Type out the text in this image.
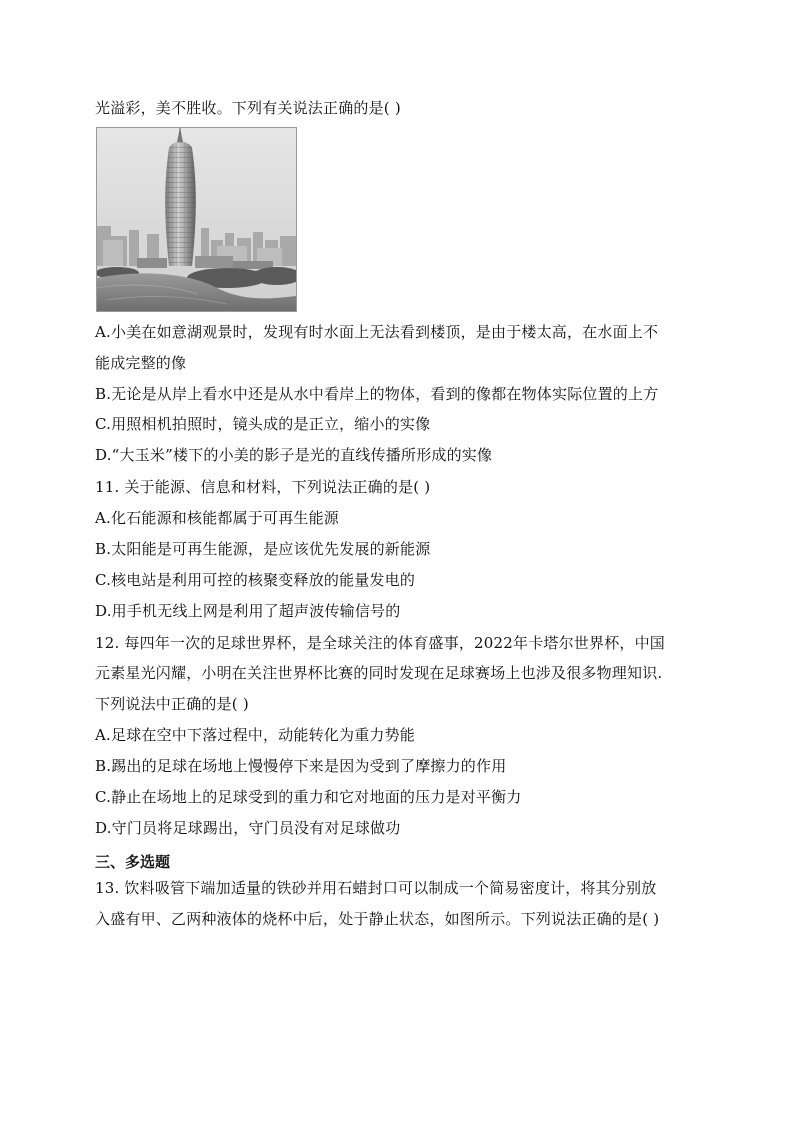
光溢彩，美不胜收。下列有关说法正确的是( )
A.小美在如意湖观景时，发现有时水面上无法看到楼顶，是由于楼太高，在水面上不
能成完整的像
B.无论是从岸上看水中还是从水中看岸上的物体，看到的像都在物体实际位置的上方
C.用照相机拍照时，镜头成的是正立，缩小的实像
D.“大玉米”楼下的小美的影子是光的直线传播所形成的实像
11. 关于能源、信息和材料，下列说法正确的是( )
A.化石能源和核能都属于可再生能源
B.太阳能是可再生能源，是应该优先发展的新能源
C.核电站是利用可控的核聚变释放的能量发电的
D.用手机无线上网是利用了超声波传输信号的
12. 每四年一次的足球世界杯，是全球关注的体育盛事，2022年卡塔尔世界杯，中国
元素星光闪耀，小明在关注世界杯比赛的同时发现在足球赛场上也涉及很多物理知识.
下列说法中正确的是( )
A.足球在空中下落过程中，动能转化为重力势能
B.踢出的足球在场地上慢慢停下来是因为受到了摩擦力的作用
C.静止在场地上的足球受到的重力和它对地面的压力是对平衡力
D.守门员将足球踢出，守门员没有对足球做功
三、多选题
13. 饮料吸管下端加适量的铁砂并用石蜡封口可以制成一个简易密度计，将其分别放
入盛有甲、乙两种液体的烧杯中后，处于静止状态，如图所示。下列说法正确的是( )
